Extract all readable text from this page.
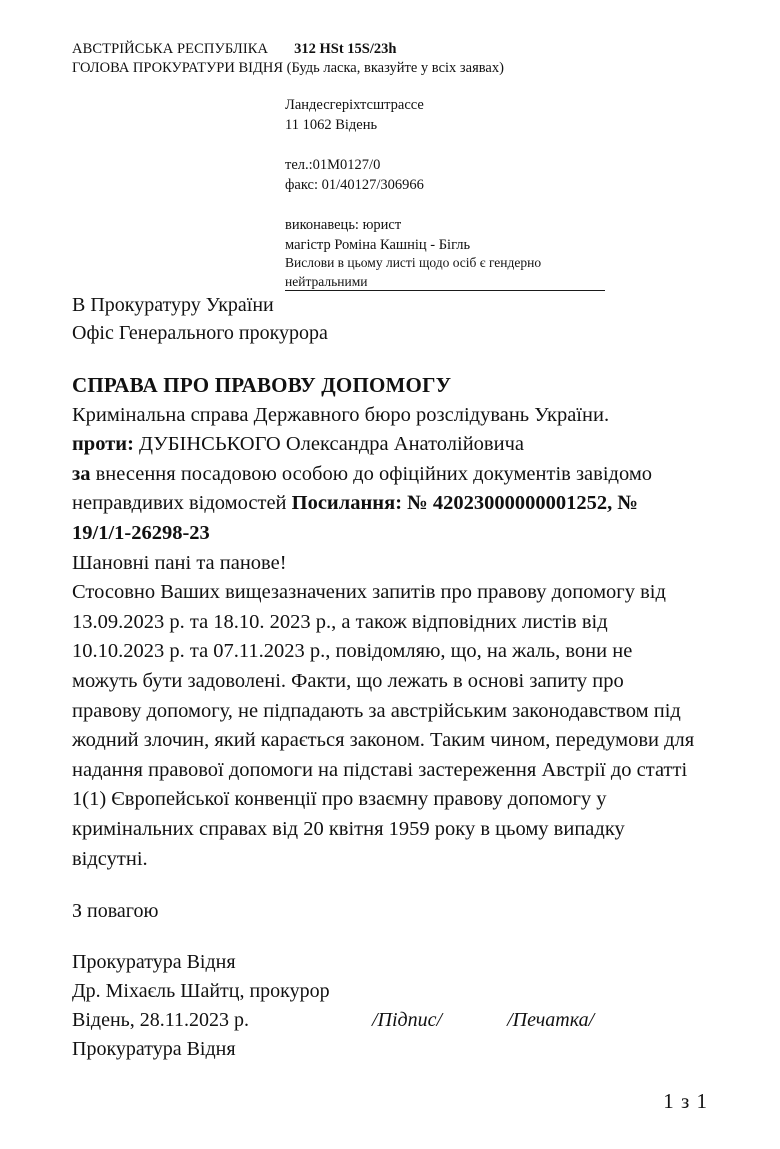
АВСТРІЙСЬКА РЕСПУБЛІКА 312 HSt 15S/23h
ГОЛОВА ПРОКУРАТУРИ ВІДНЯ (Будь ласка, вказуйте у всіх заявах)
Ландесгеріхтсштрассе
11 1062 Відень
тел.:01M0127/0
факс: 01/40127/306966
виконавець: юрист
магістр Роміна Кашніц - Бігль
Вислови в цьому листі щодо осіб є гендерно
нейтральними
В Прокуратуру України
Офіс Генерального прокурора
СПРАВА ПРО ПРАВОВУ ДОПОМОГУ
Кримінальна справа Державного бюро розслідувань України.
проти: ДУБІНСЬКОГО Олександра Анатолійовича
за внесення посадовою особою до офіційних документів завідомо неправдивих відомостей Посилання: № 42023000000001252, № 19/1/1-26298-23
Шановні пані та панове!

Стосовно Ваших вищезазначених запитів про правову допомогу від 13.09.2023 р. та 18.10. 2023 р., а також відповідних листів від 10.10.2023 р. та 07.11.2023 р., повідомляю, що, на жаль, вони не можуть бути задоволені. Факти, що лежать в основі запиту про правову допомогу, не підпадають за австрійським законодавством під жодний злочин, який карається законом. Таким чином, передумови для надання правової допомоги на підставі застереження Австрії до статті 1(1) Європейської конвенції про взаємну правову допомогу у кримінальних справах від 20 квітня 1959 року в цьому випадку відсутні.

З повагою
Прокуратура Відня
Др. Міхаєль Шайтц, прокурор
Відень, 28.11.2023 р.	/Підпис/	/Печатка/
Прокуратура Відня
1 з 1
